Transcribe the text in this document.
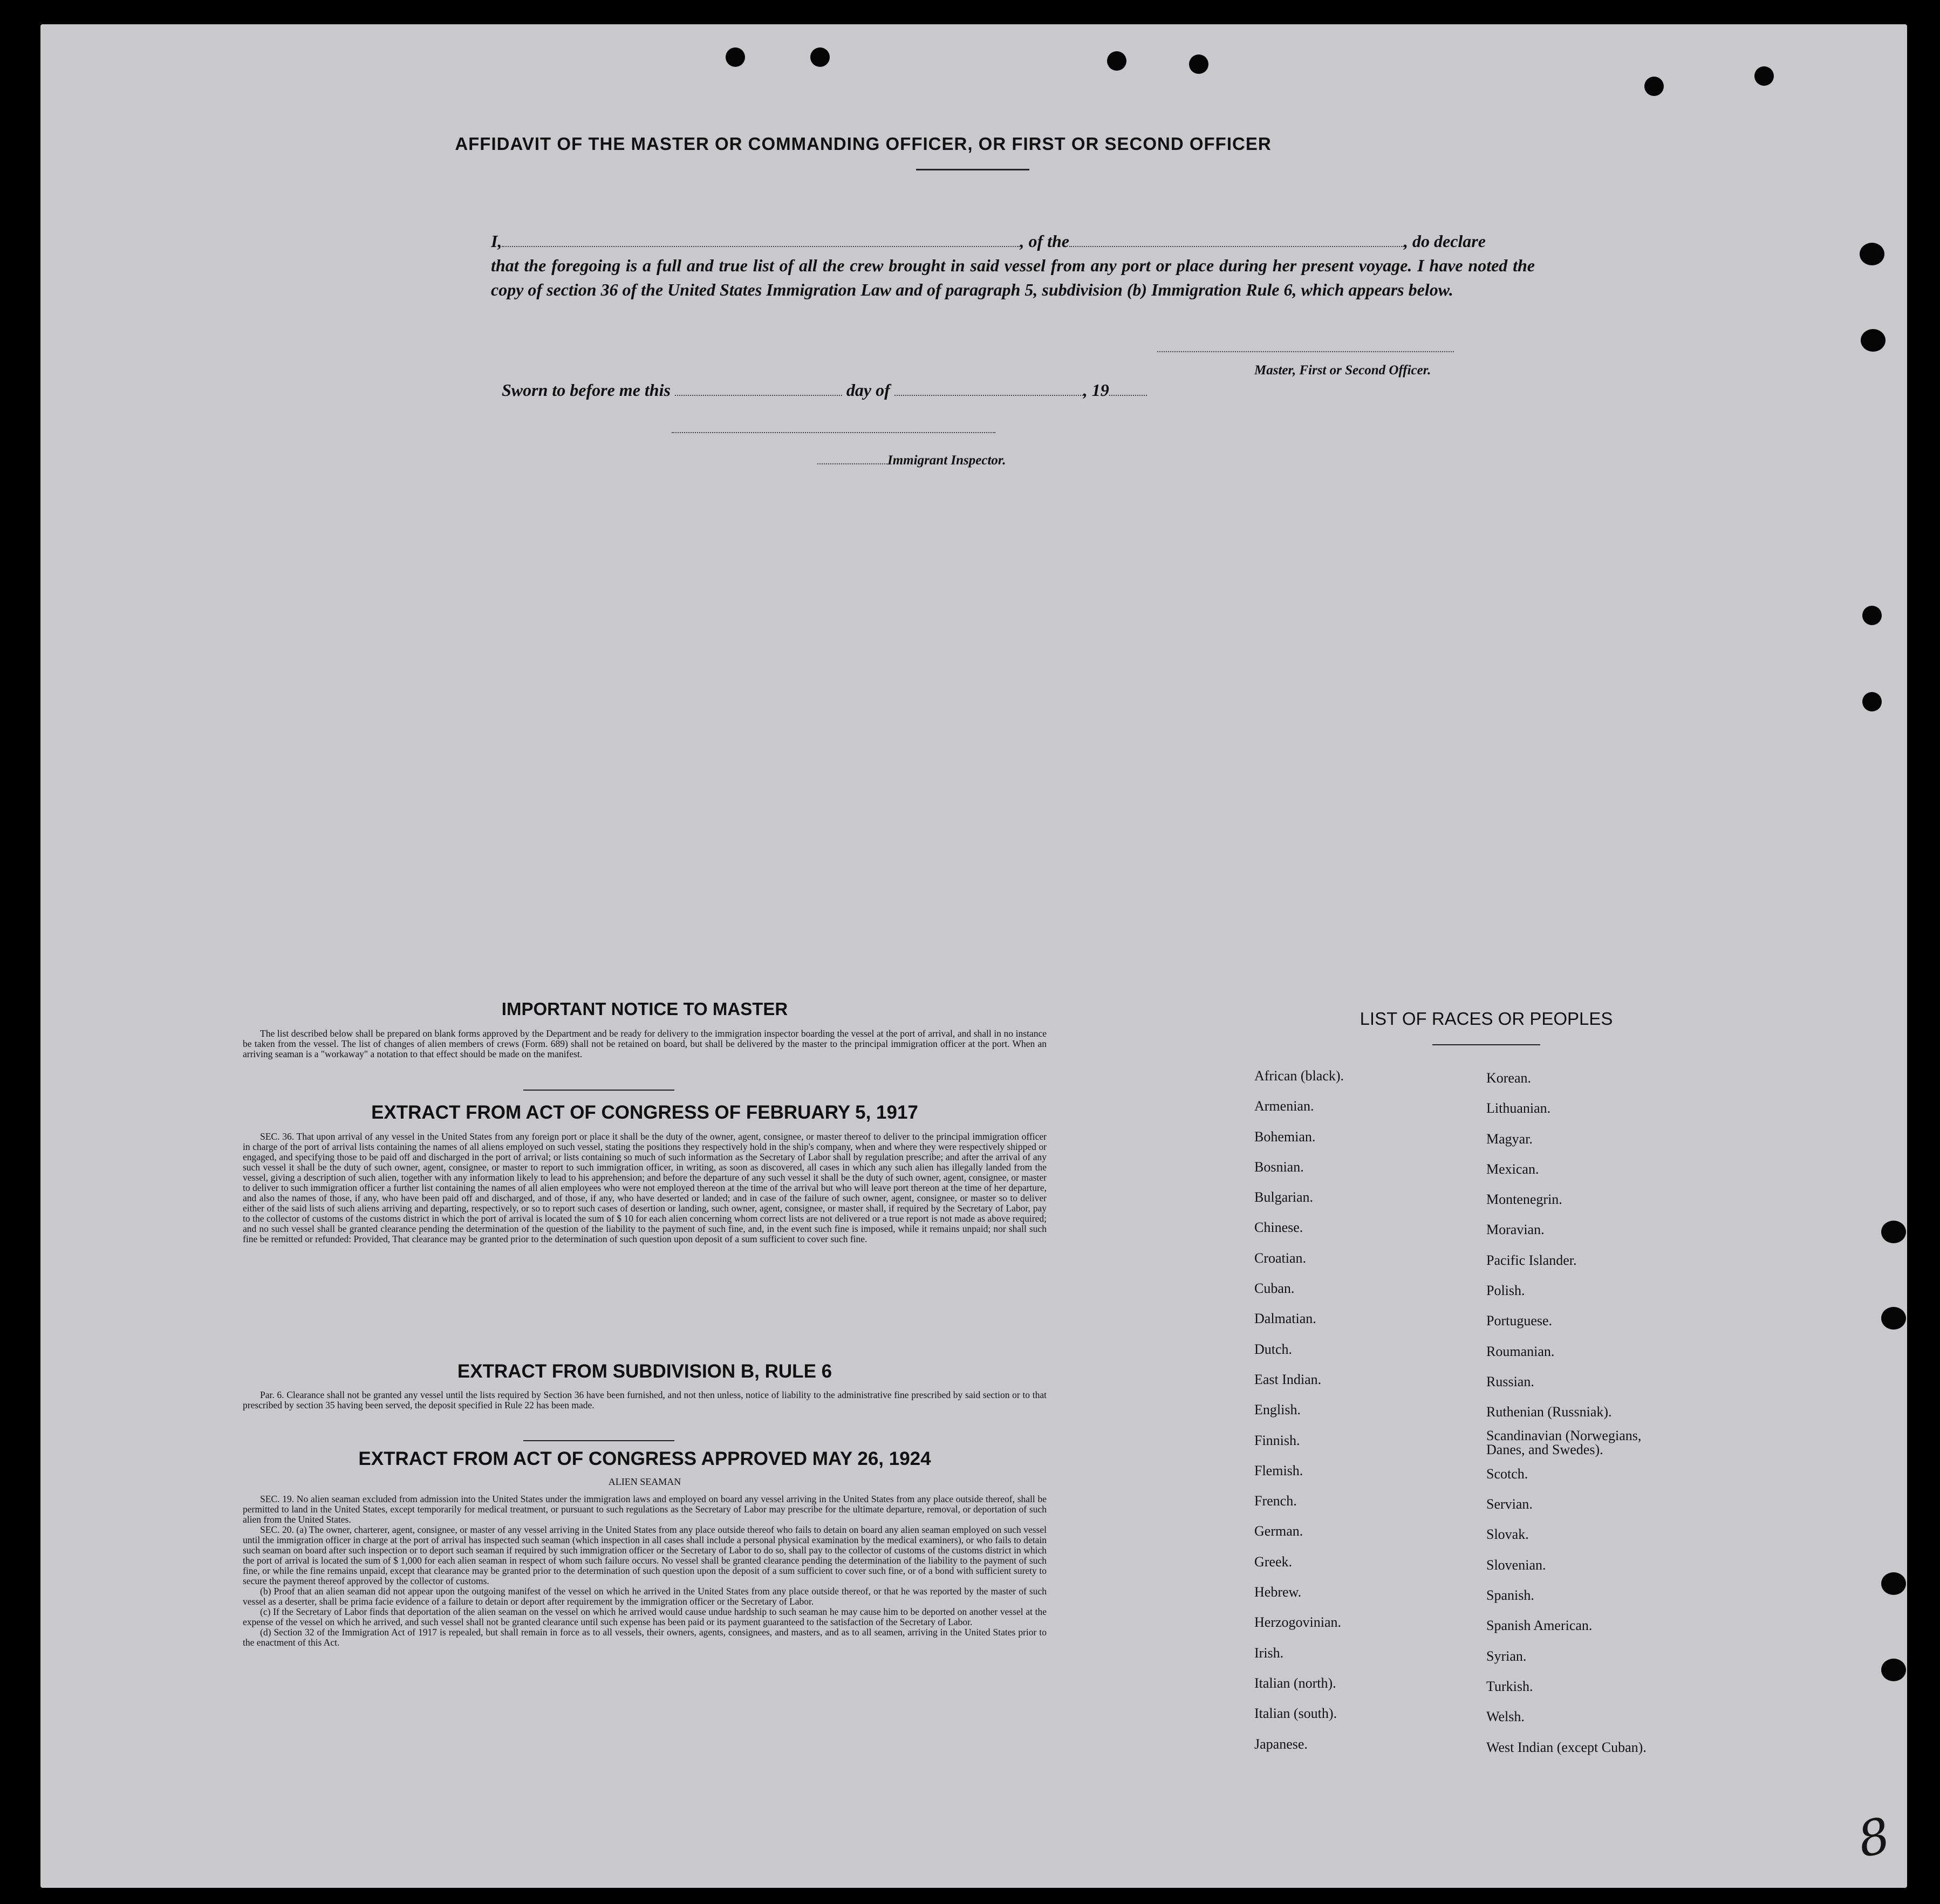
AFFIDAVIT OF THE MASTER OR COMMANDING OFFICER, OR FIRST OR SECOND OFFICER

I,	, of the	, do declare

that the foregoing is a full and true list of all the crew brought in said vessel from any port or place during her present voyage. I have noted the copy of section 36 of the United States Immigration Law and of paragraph 5, subdivision (b) Immigration Rule 6, which appears below.

Master, First or Second Officer.
Sworn to before me this	day of	, 19
Immigrant Inspector.
IMPORTANT NOTICE TO MASTER

The list described below shall be prepared on blank forms approved by the Department and be ready for delivery to the immigration inspector boarding the vessel at the port of arrival, and shall in no instance be taken from the vessel. The list of changes of alien members of crews (Form. 689) shall not be retained on board, but shall be delivered by the master to the principal immigration officer at the port. When an arriving seaman is a "workaway" a notation to that effect should be made on the manifest.

EXTRACT FROM ACT OF CONGRESS OF FEBRUARY 5, 1917

SEC. 36. That upon arrival of any vessel in the United States from any foreign port or place it shall be the duty of the owner, agent, consignee, or master thereof to deliver to the principal immigration officer in charge of the port of arrival lists containing the names of all aliens employed on such vessel, stating the positions they respectively hold in the ship's company, when and where they were respectively shipped or engaged, and specifying those to be paid off and discharged in the port of arrival; or lists containing so much of such information as the Secretary of Labor shall by regulation prescribe; and after the arrival of any such vessel it shall be the duty of such owner, agent, consignee, or master to report to such immigration officer, in writing, as soon as discovered, all cases in which any such alien has illegally landed from the vessel, giving a description of such alien, together with any information likely to lead to his apprehension; and before the departure of any such vessel it shall be the duty of such owner, agent, consignee, or master to deliver to such immigration officer a further list containing the names of all alien employees who were not employed thereon at the time of the arrival but who will leave port thereon at the time of her departure, and also the names of those, if any, who have been paid off and discharged, and of those, if any, who have deserted or landed; and in case of the failure of such owner, agent, consignee, or master so to deliver either of the said lists of such aliens arriving and departing, respectively, or so to report such cases of desertion or landing, such owner, agent, consignee, or master shall, if required by the Secretary of Labor, pay to the collector of customs of the customs district in which the port of arrival is located the sum of $ 10 for each alien concerning whom correct lists are not delivered or a true report is not made as above required; and no such vessel shall be granted clearance pending the determination of the question of the liability to the payment of such fine, and, in the event such fine is imposed, while it remains unpaid; nor shall such fine be remitted or refunded: Provided, That clearance may be granted prior to the determination of such question upon deposit of a sum sufficient to cover such fine.

EXTRACT FROM SUBDIVISION B, RULE 6

Par. 6. Clearance shall not be granted any vessel until the lists required by Section 36 have been furnished, and not then unless, notice of liability to the administrative fine prescribed by said section or to that prescribed by section 35 having been served, the deposit specified in Rule 22 has been made.

EXTRACT FROM ACT OF CONGRESS APPROVED MAY 26, 1924
ALIEN SEAMAN

SEC. 19. No alien seaman excluded from admission into the United States under the immigration laws and employed on board any vessel arriving in the United States from any place outside thereof, shall be permitted to land in the United States, except temporarily for medical treatment, or pursuant to such regulations as the Secretary of Labor may prescribe for the ultimate departure, removal, or deportation of such alien from the United States.

SEC. 20. (a) The owner, charterer, agent, consignee, or master of any vessel arriving in the United States from any place outside thereof who fails to detain on board any alien seaman employed on such vessel until the immigration officer in charge at the port of arrival has inspected such seaman (which inspection in all cases shall include a personal physical examination by the medical examiners), or who fails to detain such seaman on board after such inspection or to deport such seaman if required by such immigration officer or the Secretary of Labor to do so, shall pay to the collector of customs of the customs district in which the port of arrival is located the sum of $ 1,000 for each alien seaman in respect of whom such failure occurs. No vessel shall be granted clearance pending the determination of the liability to the payment of such fine, or while the fine remains unpaid, except that clearance may be granted prior to the determination of such question upon the deposit of a sum sufficient to cover such fine, or of a bond with sufficient surety to secure the payment thereof approved by the collector of customs.

(b) Proof that an alien seaman did not appear upon the outgoing manifest of the vessel on which he arrived in the United States from any place outside thereof, or that he was reported by the master of such vessel as a deserter, shall be prima facie evidence of a failure to detain or deport after requirement by the immigration officer or the Secretary of Labor.

(c) If the Secretary of Labor finds that deportation of the alien seaman on the vessel on which he arrived would cause undue hardship to such seaman he may cause him to be deported on another vessel at the expense of the vessel on which he arrived, and such vessel shall not be granted clearance until such expense has been paid or its payment guaranteed to the satisfaction of the Secretary of Labor.

(d) Section 32 of the Immigration Act of 1917 is repealed, but shall remain in force as to all vessels, their owners, agents, consignees, and masters, and as to all seamen, arriving in the United States prior to the enactment of this Act.

LIST OF RACES OR PEOPLES
African (black).
Armenian.
Bohemian.
Bosnian.
Bulgarian.
Chinese.
Croatian.
Cuban.
Dalmatian.
Dutch.
East Indian.
English.
Finnish.
Flemish.
French.
German.
Greek.
Hebrew.
Herzogovinian.
Irish.
Italian (north).
Italian (south).
Japanese.
Korean.
Lithuanian.
Magyar.
Mexican.
Montenegrin.
Moravian.
Pacific Islander.
Polish.
Portuguese.
Roumanian.
Russian.
Ruthenian (Russniak).
Scandinavian (Norwegians, Danes, and Swedes).
Scotch.
Servian.
Slovak.
Slovenian.
Spanish.
Spanish American.
Syrian.
Turkish.
Welsh.
West Indian (except Cuban).
8
